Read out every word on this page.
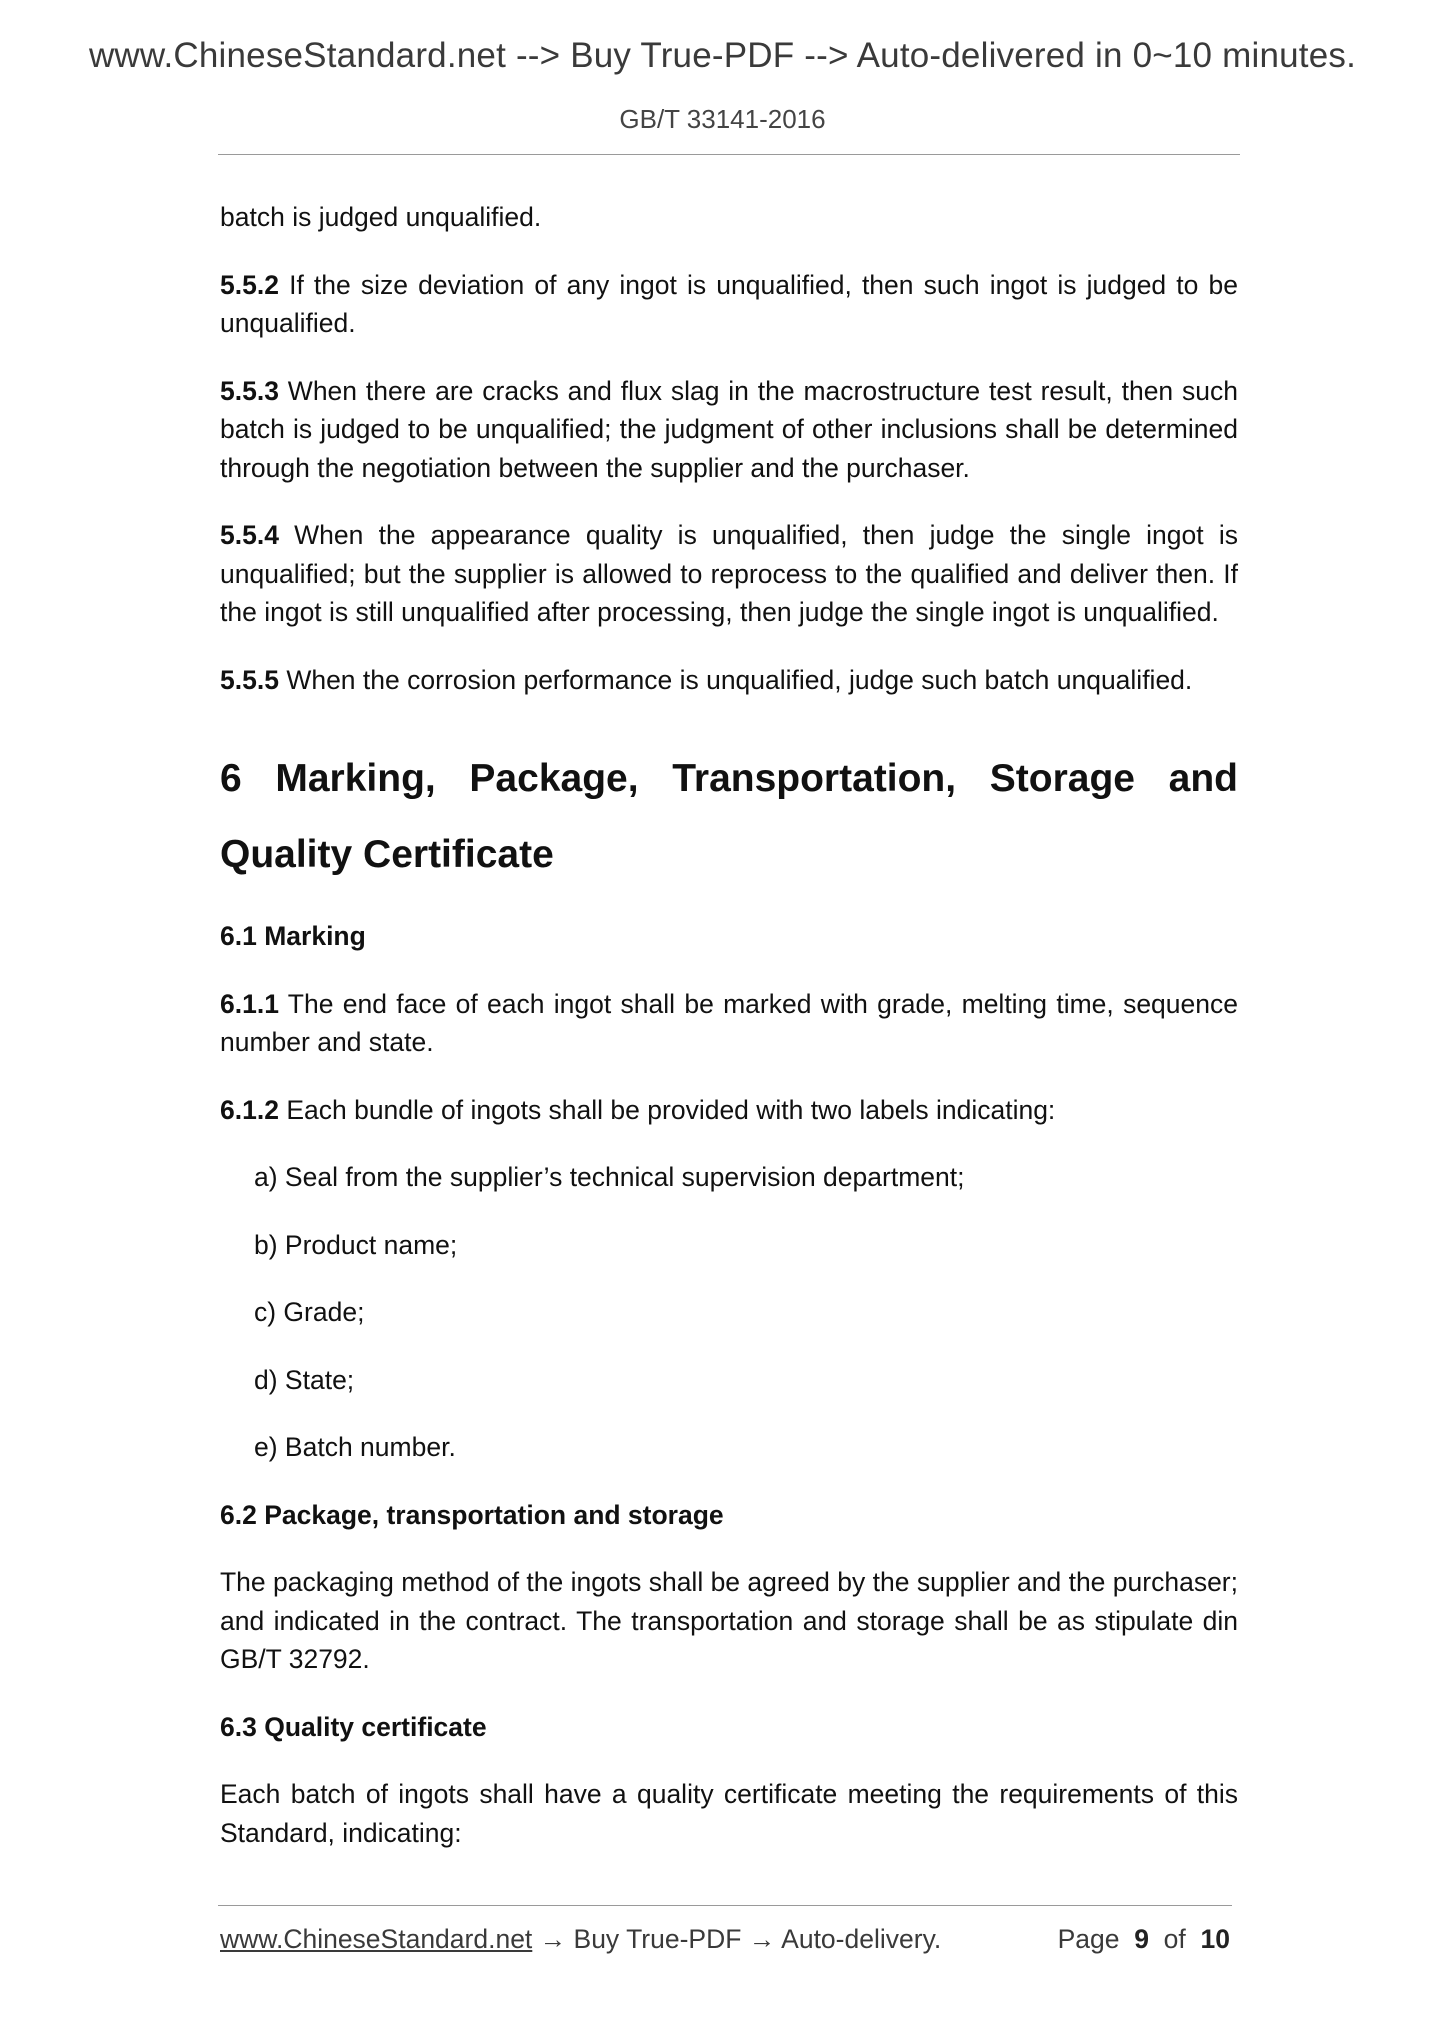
www.ChineseStandard.net --> Buy True-PDF --> Auto-delivered in 0~10 minutes.
GB/T 33141-2016

batch is judged unqualified.

5.5.2 If the size deviation of any ingot is unqualified, then such ingot is judged to be unqualified.

5.5.3 When there are cracks and flux slag in the macrostructure test result, then such batch is judged to be unqualified; the judgment of other inclusions shall be determined through the negotiation between the supplier and the purchaser.

5.5.4 When the appearance quality is unqualified, then judge the single ingot is unqualified; but the supplier is allowed to reprocess to the qualified and deliver then. If the ingot is still unqualified after processing, then judge the single ingot is unqualified.

5.5.5 When the corrosion performance is unqualified, judge such batch unqualified.

6 Marking, Package, Transportation, Storage and
Quality Certificate
6.1 Marking

6.1.1 The end face of each ingot shall be marked with grade, melting time, sequence number and state.

6.1.2 Each bundle of ingots shall be provided with two labels indicating:

a) Seal from the supplier’s technical supervision department;
b) Product name;
c) Grade;
d) State;
e) Batch number.
6.2 Package, transportation and storage

The packaging method of the ingots shall be agreed by the supplier and the purchaser; and indicated in the contract. The transportation and storage shall be as stipulate din GB/T 32792.

6.3 Quality certificate

Each batch of ingots shall have a quality certificate meeting the requirements of this Standard, indicating:

www.ChineseStandard.net → Buy True-PDF → Auto-delivery.	Page 9 of 10
